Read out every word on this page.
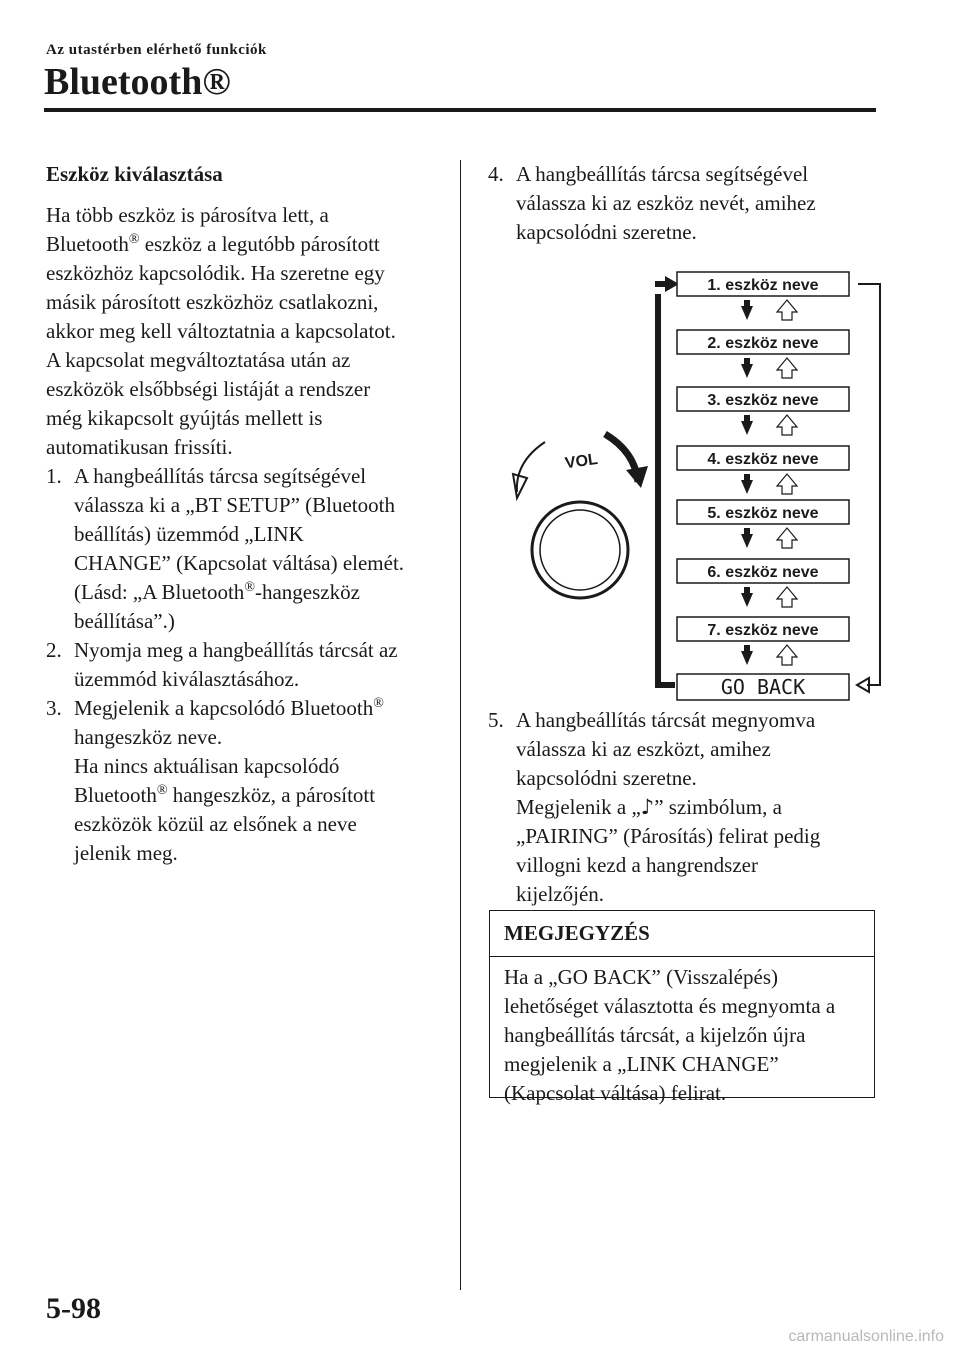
Az utastérben elérhető funkciók
Bluetooth®

Eszköz kiválasztása

Ha több eszköz is párosítva lett, a
Bluetooth® eszköz a legutóbb párosított
eszközhöz kapcsolódik. Ha szeretne egy
másik párosított eszközhöz csatlakozni,
akkor meg kell változtatnia a kapcsolatot.
A kapcsolat megváltoztatása után az
eszközök elsőbbségi listáját a rendszer
még kikapcsolt gyújtás mellett is
automatikusan frissíti.

1. A hangbeállítás tárcsa segítségével
válassza ki a „BT SETUP” (Bluetooth
beállítás) üzemmód „LINK
CHANGE” (Kapcsolat váltása) elemét.
(Lásd: „A Bluetooth®-hangeszköz
beállítása”.)

2. Nyomja meg a hangbeállítás tárcsát az
üzemmód kiválasztásához.

3. Megjelenik a kapcsolódó Bluetooth®
hangeszköz neve.
Ha nincs aktuálisan kapcsolódó
Bluetooth® hangeszköz, a párosított
eszközök közül az elsőnek a neve
jelenik meg.

4. A hangbeállítás tárcsa segítségével
válassza ki az eszköz nevét, amihez
kapcsolódni szeretne.

VOL
1. eszköz neve
2. eszköz neve
3. eszköz neve
4. eszköz neve
5. eszköz neve
6. eszköz neve
7. eszköz neve
GO BACK
5. A hangbeállítás tárcsát megnyomva
válassza ki az eszközt, amihez
kapcsolódni szeretne.
Megjelenik a „♪” szimbólum, a
„PAIRING” (Párosítás) felirat pedig
villogni kezd a hangrendszer
kijelzőjén.

MEGJEGYZÉS

Ha a „GO BACK” (Visszalépés)
lehetőséget választotta és megnyomta a
hangbeállítás tárcsát, a kijelzőn újra
megjelenik a „LINK CHANGE”
(Kapcsolat váltása) felirat.

5-98
carmanualsonline.info
